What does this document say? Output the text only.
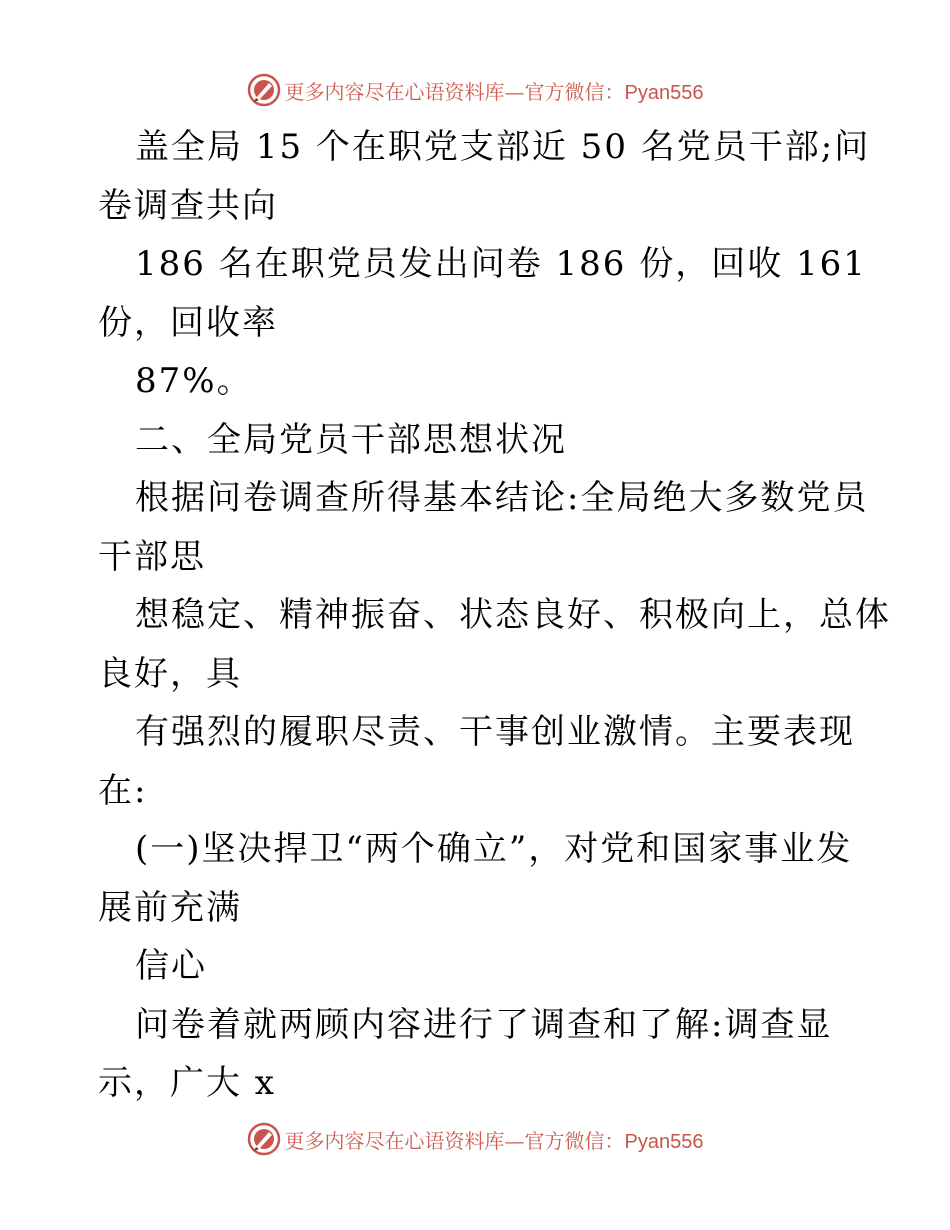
更多内容尽在心语资料库—官方微信：Pyan556
盖全局 15 个在职党支部近 50 名党员干部;问
卷调查共向
186 名在职党员发出问卷 186 份，回收 161
份，回收率
87%。
二、全局党员干部思想状况
根据问卷调查所得基本结论:全局绝大多数党员
干部思
想稳定、精神振奋、状态良好、积极向上，总体
良好，具
有强烈的履职尽责、干事创业激情。主要表现
在:
(一)坚决捍卫“两个确立”，对党和国家事业发
展前充满
信心
问卷着就两顾内容进行了调查和了解:调查显
示，广大 x
更多内容尽在心语资料库—官方微信：Pyan556
